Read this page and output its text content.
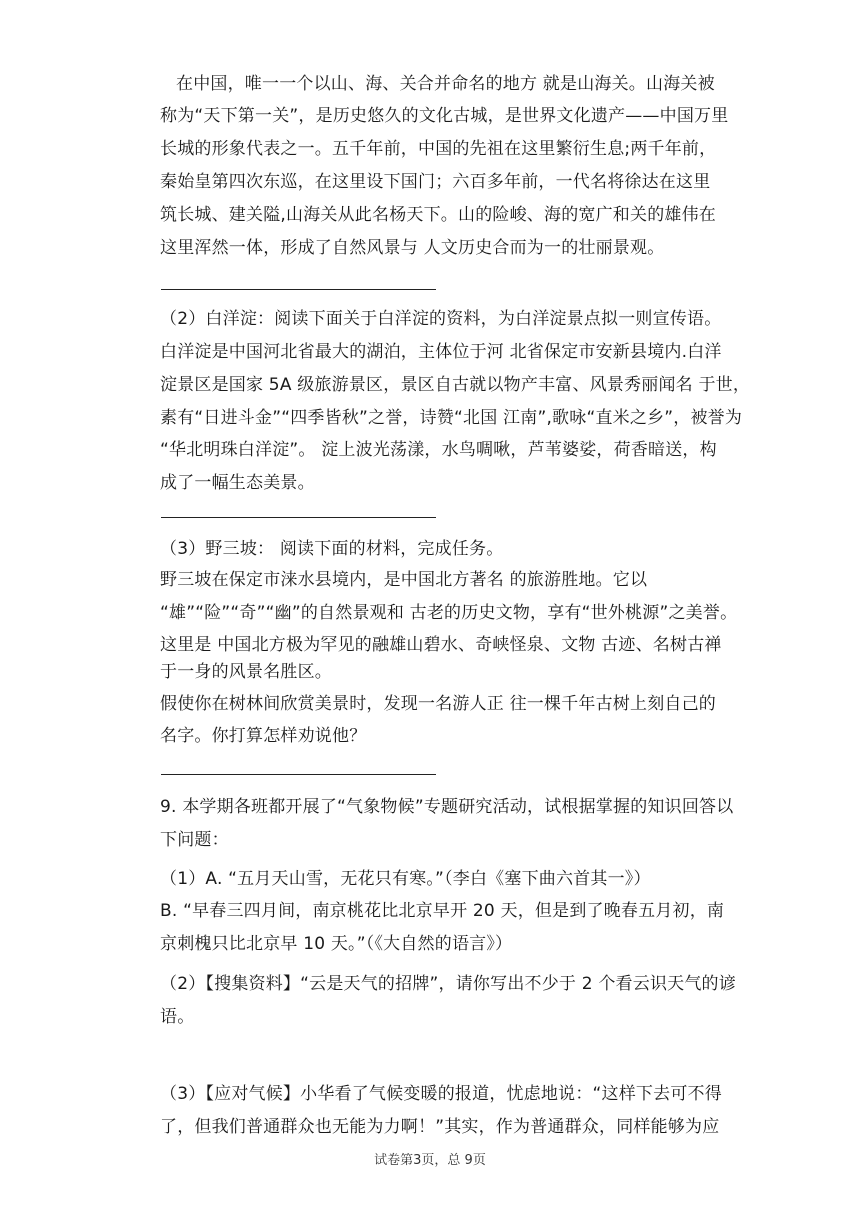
在中国，唯一一个以山、海、关合并命名的地方 就是山海关。山海关被
称为“天下第一关”，是历史悠久的文化古城，是世界文化遗产——中国万里
长城的形象代表之一。五千年前，中国的先祖在这里繁衍生息;两千年前，
秦始皇第四次东巡，在这里设下国门；六百多年前，一代名将徐达在这里
筑长城、建关隘,山海关从此名杨天下。山的险峻、海的宽广和关的雄伟在
这里浑然一体，形成了自然风景与 人文历史合而为一的壮丽景观。
（2）白洋淀：阅读下面关于白洋淀的资料，为白洋淀景点拟一则宣传语。
白洋淀是中国河北省最大的湖泊，主体位于河 北省保定市安新县境内.白洋
淀景区是国家 5A 级旅游景区，景区自古就以物产丰富、风景秀丽闻名 于世，
素有“日进斗金”“四季皆秋”之誉，诗赞“北国 江南”,歌咏“直米之乡”，被誉为
“华北明珠白洋淀”。 淀上波光荡漾，水鸟啁啾，芦苇婆娑，荷香暗送，构
成了一幅生态美景。
（3）野三坡： 阅读下面的材料，完成任务。
野三坡在保定市涞水县境内，是中国北方著名 的旅游胜地。它以
“雄”“险”“奇”“幽”的自然景观和 古老的历史文物，享有“世外桃源”之美誉。
这里是 中国北方极为罕见的融雄山碧水、奇峡怪泉、文物 古迹、名树古禅
于一身的风景名胜区。
假使你在树林间欣赏美景时，发现一名游人正 往一棵千年古树上刻自己的
名字。你打算怎样劝说他？
9. 本学期各班都开展了“气象物候”专题研究活动，试根据掌握的知识回答以
下问题：
（1）A. “五月天山雪，无花只有寒。”（李白《塞下曲六首其一》）
B. “早春三四月间，南京桃花比北京早开 20 天，但是到了晚春五月初，南
京刺槐只比北京早 10 天。”（《大自然的语言》）
（2）【搜集资料】“云是天气的招牌”，请你写出不少于 2 个看云识天气的谚
语。
（3）【应对气候】小华看了气候变暖的报道，忧虑地说：“这样下去可不得
了，但我们普通群众也无能为力啊！”其实，作为普通群众，同样能够为应
试卷第3页，总 9页
